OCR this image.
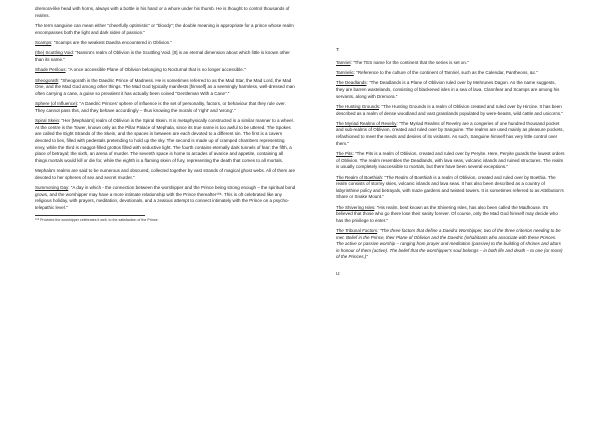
dremora-like head with horns, always with a bottle in his hand or a whore under his thumb. He is thought to control thousands of realms.

The term sanguine can mean either "cheerfully optimistic" or "bloody"; the double meaning is appropriate for a prince whose realm encompasses both the light and dark sides of passion."

Scamps: "Scamps are the weakest Daedra encountered in Oblivion."

(the) Scuttling Void: "Namira's realm of Oblivion is the Scuttling Void. [It] is an eternal dimension about which little is known other than its name."

Shade Perilous: "A once accessible Plane of Oblivion belonging to Nocturnal that is no longer accessible."

Sheogorath: "Sheogorath is the Daedric Prince of Madness. He is sometimes referred to as the Mad Star, the Mad Lord, the Mad One, and the Mad God among other things. The Mad God typically manifests [himself] as a seemingly harmless, well-dressed man often carrying a cane, a guise so prevalent it has actually been coined "Gentleman With a Cane"."

Sphere (of Influence): "A Daedric Princes' sphere of influence is the set of personality, factors, or behaviour that they rule over. They cannot pass this, and they behave accordingly – thus knowing the morals of 'right' and 'wrong'."

Spiral Skein: "Her [Mephala's] realm of Oblivion is the Spiral Skein. It is metaphysically constructed in a similar manner to a wheel. At the centre is the Tower, known only as the Pillar Palace of Mephala, since its true name is too awful to be uttered. The Spokes are called the Eight Strands of the Skein, and the spaces in between are each devoted to a different sin. The first is a cavern devoted to lies, filled with pedestals pretending to hold up the sky. The second is made up of cramped chambers representing envy, while the third is maggot-filled grottos filled with seductive light. The fourth contains eternally dark tunnels of fear; the fifth, a place of betrayal; the sixth, an arena of murder. The seventh space is home to arcades of avarice and appetite, containing all things mortals would kill or die for, while the eighth is a flaming skein of fury, representing the death that comes to all mortals.

Mephala's realms are said to be numerous and obscured, collected together by vast strands of magical ghost webs. All of them are devoted to her spheres of sex and secret murder."

Summoning Day: "A day in which - the connection between the worshipper and the Prince being strong enough – the spiritual bond grows, and the worshipper may have a more intimate relationship with the Prince thereafter¹⁰⁸. This is oft celebrated like any religious holiday, with prayers, meditation, devotionals, and a zealous attempt to connect intimately with the Prince on a psycho-telepathic level."

¹⁰⁸ Provided the worshipper celebrates it well, to the satisfaction of the Prince.
T:

Tamriel: "The TES name for the continent that the series is set on."

Tamrielic: "Reference to the culture of the continent of Tamriel, such as the Calendar, Pantheons, &c."

The Deadlands: "The Deadlands is a Plane of Oblivion ruled over by Mehrunes Dagon. As the name suggests, they are barren wastelands, consisting of blackened isles in a sea of lava. Clannfear and Scamps are among his servants, along with Dremora."

The Hunting Grounds: "The Hunting Grounds is a realm of Oblivion created and ruled over by Hircine. It has been described as a realm of dense woodland and vast grasslands populated by were-beasts, wild cattle and unicorns."

The Myriad Realms of Revelry: "The Myriad Realms of Revelry are a congeries of one hundred thousand pocket and sub-realms of Oblivion, created and ruled over by Sanguine. The realms are used mainly as pleasure pockets, refashioned to meet the needs and desires of its visitants. As such, Sanguine himself has very little control over them."

The Pits: "The Pits is a realm of Oblivion, created and ruled over by Peryite. Here, Peryite guards the lowest orders of Oblivion. The realm resembles the Deadlands, with lava seas, volcanic islands and ruined structures. The realm is usually completely inaccessible to mortals, but there have been several exceptions."

The Realm of Boethiah: "The Realm of Boethiah is a realm of Oblivion, created and ruled over by Boethia. The realm consists of stormy skies, volcanic islands and lava seas. It has also been described as a country of labyrinthine policy and betrayals, with maze gardens and twisted towers. It is sometimes referred to as Attribution's Share or Snake Mount."

The Shivering Isles: "His realm, best known as the Shivering Isles, has also been called the Madhouse. It's believed that those who go there lose their sanity forever. Of course, only the Mad God himself may decide who has the privilege to enter."

The Tribunal Factors: "The three factors that define a Daedra Worshipper, two of the three criterion needing to be met. Belief in the Prince, their Plane of Oblivion and the Daedric (inhabitants who associate with these Princes. The active or passive worship – ranging from prayer and meditation (passive) to the building of shrines and altars in honour of them (active). The belief that the worshipper's soul belongs – in both life and death – to one (or more) of the Princes.)"

U:
